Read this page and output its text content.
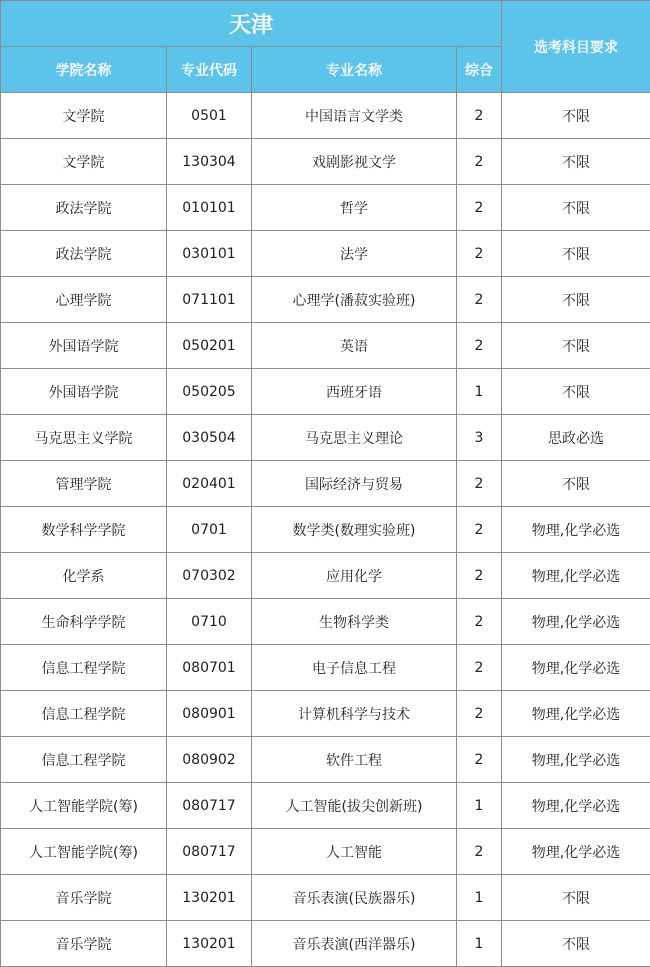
天津				选考科目要求
学院名称	专业代码	专业名称	综合	
文学院	0501	中国语言文学类	2	不限
文学院	130304	戏剧影视文学	2	不限
政法学院	010101	哲学	2	不限
政法学院	030101	法学	2	不限
心理学院	071101	心理学(潘菽实验班)	2	不限
外国语学院	050201	英语	2	不限
外国语学院	050205	西班牙语	1	不限
马克思主义学院	030504	马克思主义理论	3	思政必选
管理学院	020401	国际经济与贸易	2	不限
数学科学学院	0701	数学类(数理实验班)	2	物理,化学必选
化学系	070302	应用化学	2	物理,化学必选
生命科学学院	0710	生物科学类	2	物理,化学必选
信息工程学院	080701	电子信息工程	2	物理,化学必选
信息工程学院	080901	计算机科学与技术	2	物理,化学必选
信息工程学院	080902	软件工程	2	物理,化学必选
人工智能学院(筹)	080717	人工智能(拔尖创新班)	1	物理,化学必选
人工智能学院(筹)	080717	人工智能	2	物理,化学必选
音乐学院	130201	音乐表演(民族器乐)	1	不限
音乐学院	130201	音乐表演(西洋器乐)	1	不限
